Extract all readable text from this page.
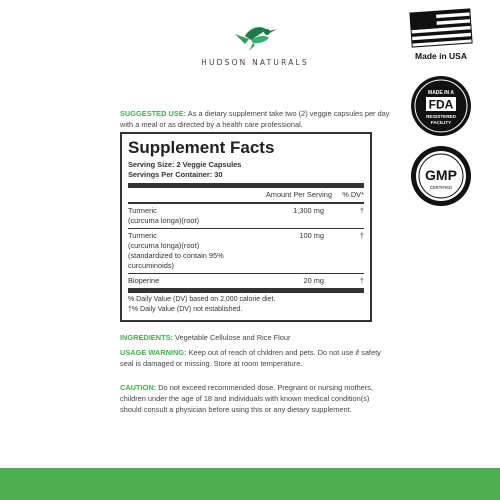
HUDSON NATURALS
Made in USA
MADE IN A
FDA
REGISTERED
FACILITY
GMP
CERTIFIED
SUGGESTED USE: As a dietary supplement take two (2) veggie capsules per day with a meal or as directed by a health care professional.
Supplement Facts
Serving Size: 2 Veggie Capsules
Servings Per Container: 30
Amount Per Serving	% DV*
Turmeric
(curcuma longa)(root)
1,300 mg	†
Turmeric
(curcuma longa)(root)
(standardized to contain 95% curcuminoids)
100 mg	†
Bioperine	20 mg	†
% Daily Value (DV) based on 2,000 calorie diet.
†% Daily Value (DV) not established.
INGREDIENTS: Vegetable Cellulose and Rice Flour
USAGE WARNING: Keep out of reach of children and pets. Do not use if safety seal is damaged or missing. Store at room temperature.
CAUTION: Do not exceed recommended dose. Pregnant or nursing mothers, children under the age of 18 and individuals with known medical condition(s) should consult a physician before using this or any dietary supplement.
